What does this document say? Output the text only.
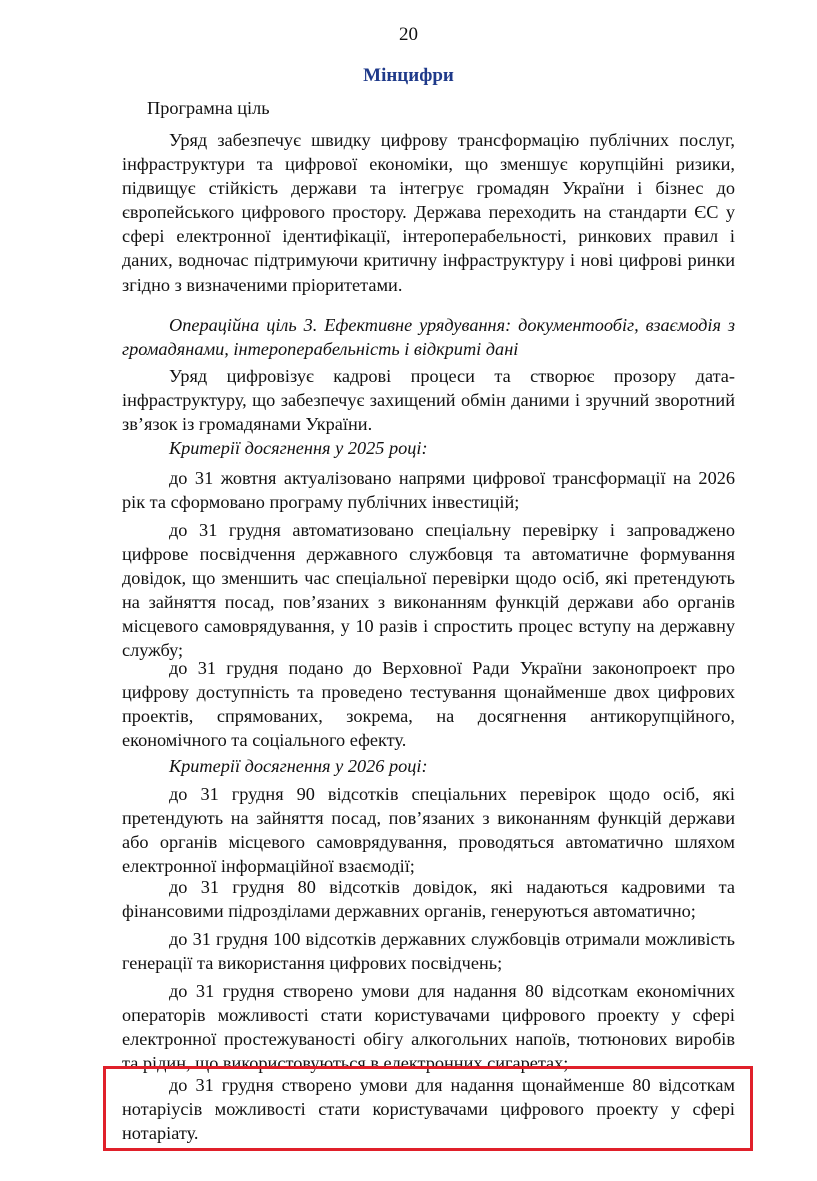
20
Мінцифри

Програмна ціль

Уряд забезпечує швидку цифрову трансформацію публічних послуг, інфраструктури та цифрової економіки, що зменшує корупційні ризики, підвищує стійкість держави та інтегрує громадян України і бізнес до європейського цифрового простору. Держава переходить на стандарти ЄС у сфері електронної ідентифікації, інтероперабельності, ринкових правил і даних, водночас підтримуючи критичну інфраструктуру і нові цифрові ринки згідно з визначеними пріоритетами.

Операційна ціль 3. Ефективне урядування: документообіг, взаємодія з громадянами, інтероперабельність і відкриті дані

Уряд цифровізує кадрові процеси та створює прозору дата-інфраструктуру, що забезпечує захищений обмін даними і зручний зворотний зв’язок із громадянами України.

Критерії досягнення у 2025 році:

до 31 жовтня актуалізовано напрями цифрової трансформації на 2026 рік та сформовано програму публічних інвестицій;

до 31 грудня автоматизовано спеціальну перевірку і запроваджено цифрове посвідчення державного службовця та автоматичне формування довідок, що зменшить час спеціальної перевірки щодо осіб, які претендують на зайняття посад, пов’язаних з виконанням функцій держави або органів місцевого самоврядування, у 10 разів і спростить процес вступу на державну службу;

до 31 грудня подано до Верховної Ради України законопроект про цифрову доступність та проведено тестування щонайменше двох цифрових проектів, спрямованих, зокрема, на досягнення антикорупційного, економічного та соціального ефекту.

Критерії досягнення у 2026 році:

до 31 грудня 90 відсотків спеціальних перевірок щодо осіб, які претендують на зайняття посад, пов’язаних з виконанням функцій держави або органів місцевого самоврядування, проводяться автоматично шляхом електронної інформаційної взаємодії;

до 31 грудня 80 відсотків довідок, які надаються кадровими та фінансовими підрозділами державних органів, генеруються автоматично;

до 31 грудня 100 відсотків державних службовців отримали можливість генерації та використання цифрових посвідчень;

до 31 грудня створено умови для надання 80 відсоткам економічних операторів можливості стати користувачами цифрового проекту у сфері електронної простежуваності обігу алкогольних напоїв, тютюнових виробів та рідин, що використовуються в електронних сигаретах;

до 31 грудня створено умови для надання щонайменше 80 відсоткам нотаріусів можливості стати користувачами цифрового проекту у сфері нотаріату.
